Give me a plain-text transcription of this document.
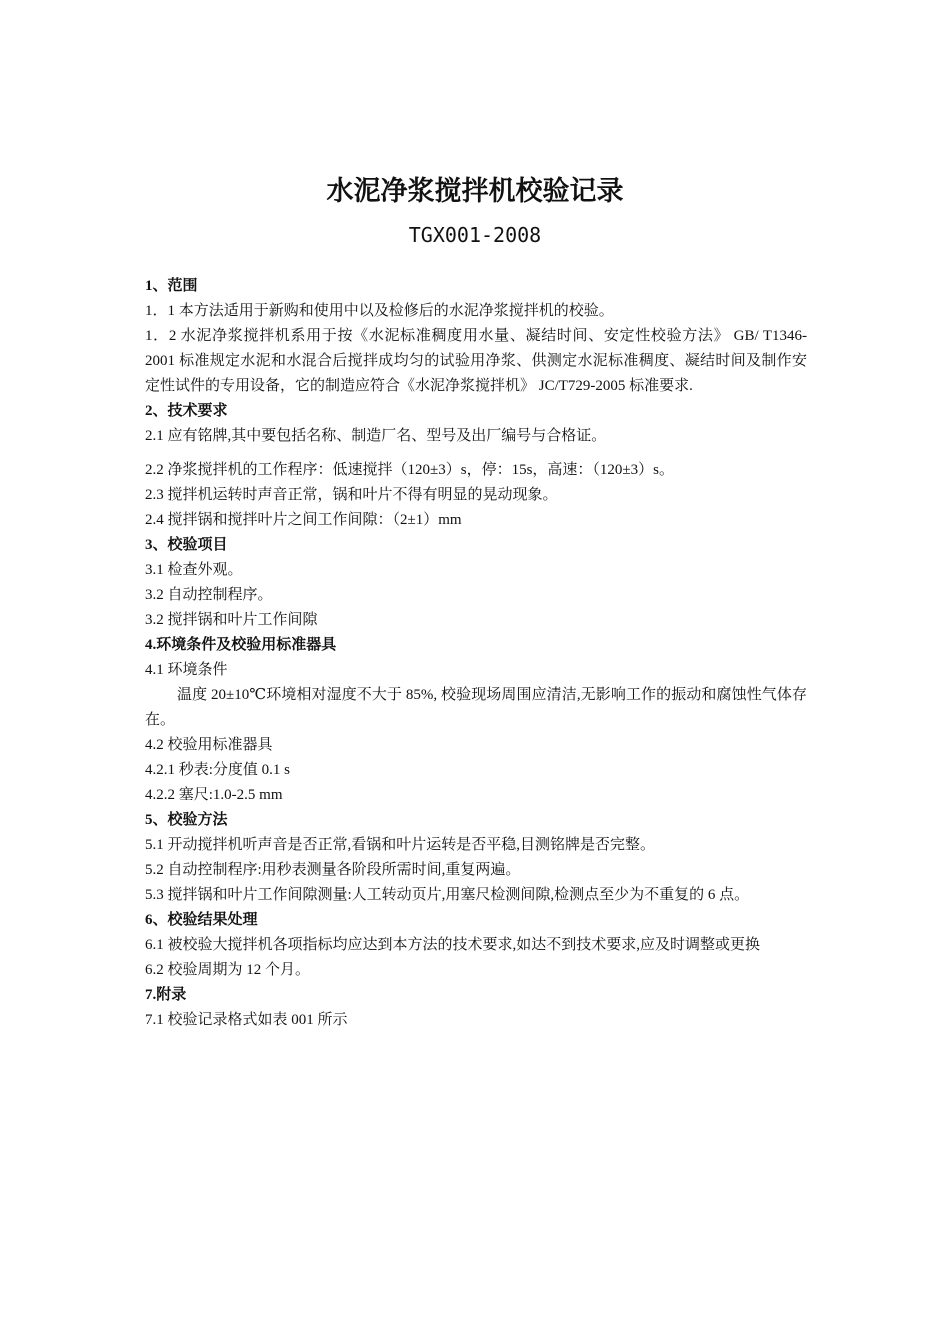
水泥净浆搅拌机校验记录
TGX001-2008

1、范围

1．1 本方法适用于新购和使用中以及检修后的水泥净浆搅拌机的校验。

1．2 水泥净浆搅拌机系用于按《水泥标准稠度用水量、凝结时间、安定性校验方法》 GB/ T1346-2001 标准规定水泥和水混合后搅拌成均匀的试验用净浆、供测定水泥标准稠度、凝结时间及制作安定性试件的专用设备，它的制造应符合《水泥净浆搅拌机》 JC/T729-2005 标准要求.

2、技术要求

2.1 应有铭牌,其中要包括名称、制造厂名、型号及出厂编号与合格证。

2.2 净浆搅拌机的工作程序：低速搅拌（120±3）s，停：15s，高速：（120±3）s。

2.3 搅拌机运转时声音正常，锅和叶片不得有明显的晃动现象。

2.4 搅拌锅和搅拌叶片之间工作间隙：（2±1）mm

3、校验项目

3.1 检查外观。

3.2 自动控制程序。

3.2 搅拌锅和叶片工作间隙

4.环境条件及校验用标准器具

4.1 环境条件

温度 20±10℃环境相对湿度不大于 85%, 校验现场周围应清洁,无影响工作的振动和腐蚀性气体存在。

4.2 校验用标准器具

4.2.1 秒表:分度值 0.1 s

4.2.2 塞尺:1.0-2.5 mm

5、校验方法

5.1 开动搅拌机听声音是否正常,看锅和叶片运转是否平稳,目测铭牌是否完整。

5.2 自动控制程序:用秒表测量各阶段所需时间,重复两遍。

5.3 搅拌锅和叶片工作间隙测量:人工转动页片,用塞尺检测间隙,检测点至少为不重复的 6 点。

6、校验结果处理

6.1 被校验大搅拌机各项指标均应达到本方法的技术要求,如达不到技术要求,应及时调整或更换

6.2 校验周期为 12 个月。

7.附录

7.1 校验记录格式如表 001 所示
